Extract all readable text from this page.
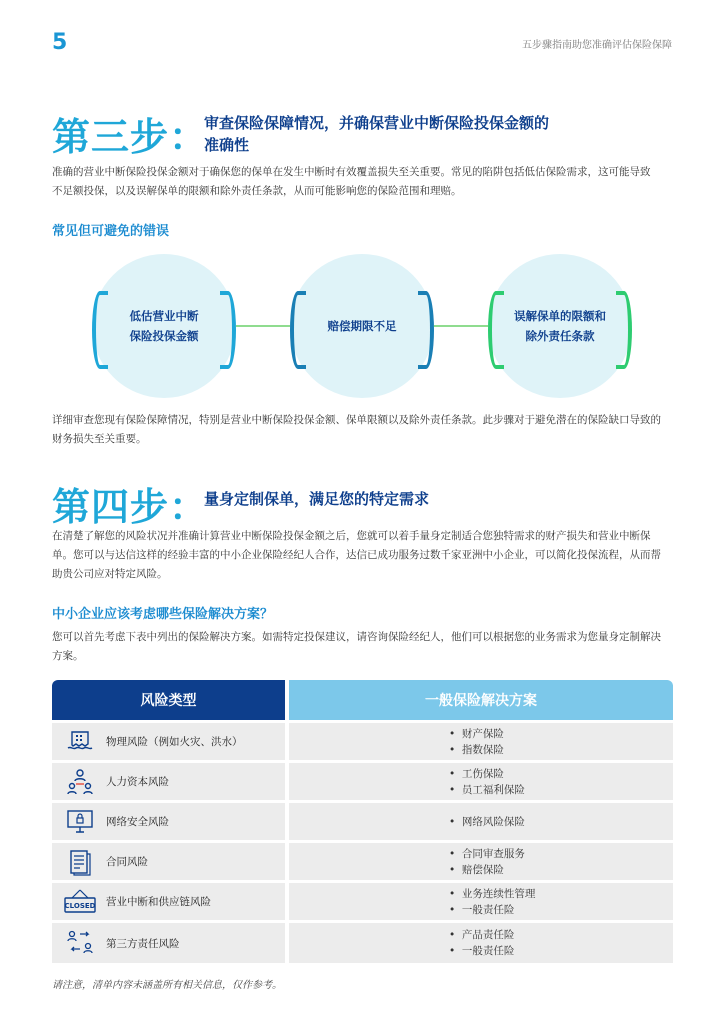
5	五步骤指南助您准确评估保险保障
第三步：
审查保险保障情况，并确保营业中断保险投保金额的
准确性
准确的营业中断保险投保金额对于确保您的保单在发生中断时有效覆盖损失至关重要。常见的陷阱包括低估保险需求，这可能导致
不足额投保，以及误解保单的限额和除外责任条款，从而可能影响您的保险范围和理赔。
常见但可避免的错误
低估营业中断
保险投保金额
赔偿期限不足
误解保单的限额和
除外责任条款
详细审查您现有保险保障情况，特别是营业中断保险投保金额、保单限额以及除外责任条款。此步骤对于避免潜在的保险缺口导致的
财务损失至关重要。
第四步：
量身定制保单，满足您的特定需求
在清楚了解您的风险状况并准确计算营业中断保险投保金额之后，您就可以着手量身定制适合您独特需求的财产损失和营业中断保
单。您可以与达信这样的经验丰富的中小企业保险经纪人合作，达信已成功服务过数千家亚洲中小企业，可以简化投保流程，从而帮
助贵公司应对特定风险。
中小企业应该考虑哪些保险解决方案？
您可以首先考虑下表中列出的保险解决方案。如需特定投保建议，请咨询保险经纪人，他们可以根据您的业务需求为您量身定制解决
方案。
风险类型	一般保险解决方案
物理风险（例如火灾、洪水）
•  财产保险
•  指数保险
人力资本风险
•  工伤保险
•  员工福利保险
网络安全风险	•  网络风险保险
合同风险
•  合同审查服务
•  赔偿保险
CLOSED 营业中断和供应链风险
•  业务连续性管理
•  一般责任险
第三方责任风险
•  产品责任险
•  一般责任险
请注意，清单内容未涵盖所有相关信息，仅作参考。
